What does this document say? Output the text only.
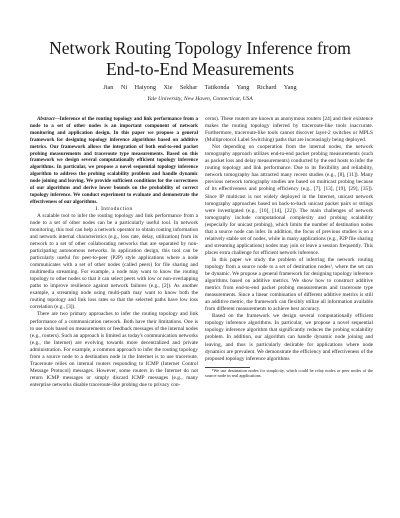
Network Routing Topology Inference from
End-to-End Measurements
Jian Ni Haiyong Xie Sekhar Tatikonda Yang Richard Yang
Yale University, New Haven, Connecticut, USA

Abstract—Inference of the routing topology and link performance from a node to a set of other nodes is an important component of network monitoring and application design. In this paper we propose a general framework for designing topology inference algorithms based on additive metrics. Our framework allows the integration of both end-to-end packet probing measurements and traceroute type measurements. Based on this framework we design several computationally efficient topology inference algorithms. In particular, we propose a novel sequential topology inference algorithm to address the probing scalability problem and handle dynamic node joining and leaving. We provide sufficient conditions for the correctness of our algorithms and derive lower bounds on the probability of correct topology inference. We conduct experiment to evaluate and demonstrate the effectiveness of our algorithms.

I. Introduction

A scalable tool to infer the routing topology and link performance from a node to a set of other nodes can be a particularly useful tool. In network monitoring, this tool can help a network operator to obtain routing information and network internal characteristics (e.g., loss rate, delay, utilization) from its network to a set of other collaborating networks that are separated by non-participating autonomous networks. In application design, this tool can be particularly useful for peer-to-peer (P2P) style applications where a node communicates with a set of other nodes (called peers) for file sharing and multimedia streaming. For example, a node may want to know the routing topology to other nodes so that it can select peers with low or non-overlapping paths to improve resilience against network failures (e.g., [2]). As another example, a streaming node using multi-path may want to know both the routing topology and link loss rates so that the selected paths have low loss correlation (e.g., [3]).

There are two primary approaches to infer the routing topology and link performance of a communication network. Both have their limitations. One is to use tools based on measurements or feedback messages of the internal nodes (e.g., routers). Such an approach is limited as today's communication networks (e.g., the Internet) are evolving towards more decentralized and private administration. For example, a common approach to infer the routing topology from a source node to a destination node in the Internet is to use traceroute. Traceroute relies on internal routers responding to ICMP (Internet Control Message Protocol) messages. However, some routers in the Internet do not return ICMP messages or simply discard ICMP messages (e.g., many enterprise networks disable traceroute-like probing due to privacy con-

cerns). These routers are known as anonymous routers [24] and their existence makes the routing topology inferred by traceroute-like tools inaccurate. Furthermore, traceroute-like tools cannot discover layer-2 switches or MPLS (Multiprotocol Label Switching) paths that are increasingly being deployed.

Not depending on cooperation from the internal nodes, the network tomography approach utilizes end-to-end packet probing measurements (such as packet loss and delay measurements) conducted by the end hosts to infer the routing topology and link performance. Due to its flexibility and reliability, network tomography has attracted many recent studies (e.g., [8], [11]). Many previous network tomography studies are based on multicast probing because of its effectiveness and probing efficiency (e.g., [7], [13], [19], [29], [35]). Since IP multicast is not widely deployed in the Internet, unicast network tomography approaches based on back-to-back unicast packet pairs or strings were investigated (e.g., [10], [14], [22]). The main challenges of network tomography include computational complexity and probing scalability (especially for unicast probing), which limits the number of destination nodes that a source node can infer. In addition, the focus of previous studies is on a relatively stable set of nodes, while in many applications (e.g., P2P file sharing and streaming applications) nodes may join or leave a session frequently. This places extra challenge for efficient network inference.

In this paper we study the problem of inferring the network routing topology from a source node to a set of destination nodes¹, where the set can be dynamic. We propose a general framework for designing topology inference algorithms based on additive metrics. We show how to construct additive metrics from end-to-end packet probing measurements and traceroute type measurements. Since a linear combination of different additive metrics is still an additive metric, the framework can flexibly utilize all information available from different measurements to achieve best accuracy.

Based on the framework we design several computationally efficient topology inference algorithms. In particular, we propose a novel sequential topology inference algorithm that significantly reduces the probing scalability problem. In addition, our algorithm can handle dynamic node joining and leaving, and thus is particularly desirable for applications where node dynamics are prevalent. We demonstrate the efficiency and effectiveness of the proposed topology inference algorithms

¹We use destination nodes for simplicity, which could be relay nodes or peer nodes of the source node in real applications.
